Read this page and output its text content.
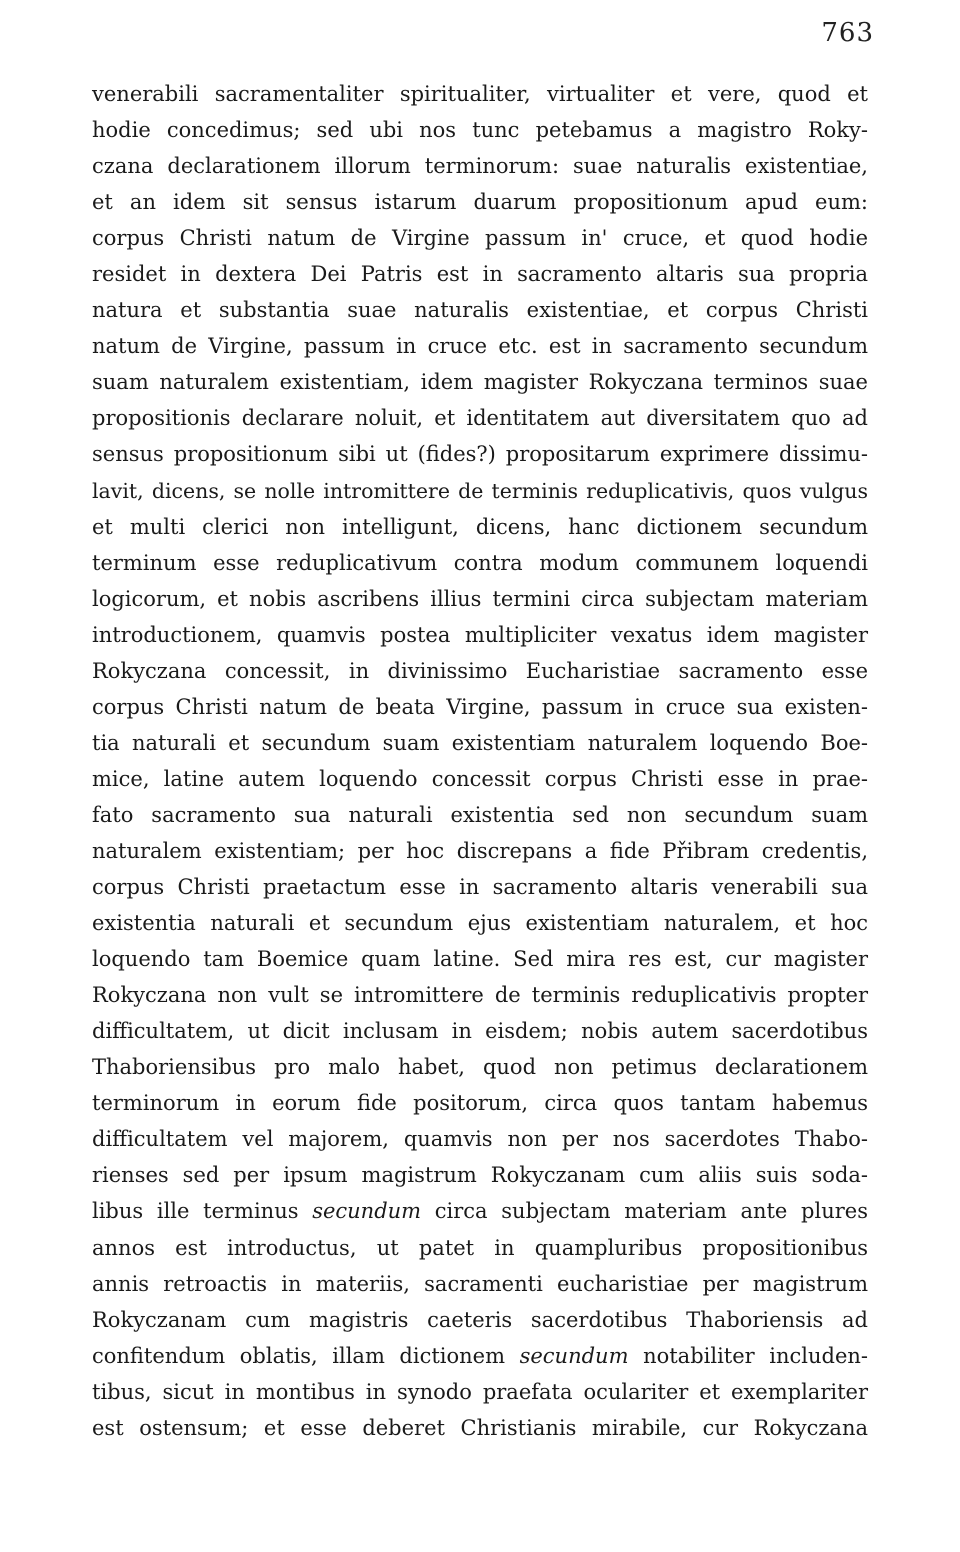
763
venerabili sacramentaliter spiritualiter, virtualiter et vere, quod et
hodie concedimus; sed ubi nos tunc petebamus a magistro Roky-
czana declarationem illorum terminorum: suae naturalis existentiae,
et an idem sit sensus istarum duarum propositionum apud eum:
corpus Christi natum de Virgine passum in' cruce, et quod hodie
residet in dextera Dei Patris est in sacramento altaris sua propria
natura et substantia suae naturalis existentiae, et corpus Christi
natum de Virgine, passum in cruce etc. est in sacramento secundum
suam naturalem existentiam, idem magister Rokyczana terminos suae
propositionis declarare noluit, et identitatem aut diversitatem quo ad
sensus propositionum sibi ut (fides?) propositarum exprimere dissimu-
lavit, dicens, se nolle intromittere de terminis reduplicativis, quos vulgus
et multi clerici non intelligunt, dicens, hanc dictionem secundum
terminum esse reduplicativum contra modum communem loquendi
logicorum, et nobis ascribens illius termini circa subjectam materiam
introductionem, quamvis postea multipliciter vexatus idem magister
Rokyczana concessit, in divinissimo Eucharistiae sacramento esse
corpus Christi natum de beata Virgine, passum in cruce sua existen-
tia naturali et secundum suam existentiam naturalem loquendo Boe-
mice, latine autem loquendo concessit corpus Christi esse in prae-
fato sacramento sua naturali existentia sed non secundum suam
naturalem existentiam; per hoc discrepans a fide Přibram credentis,
corpus Christi praetactum esse in sacramento altaris venerabili sua
existentia naturali et secundum ejus existentiam naturalem, et hoc
loquendo tam Boemice quam latine. Sed mira res est, cur magister
Rokyczana non vult se intromittere de terminis reduplicativis propter
difficultatem, ut dicit inclusam in eisdem; nobis autem sacerdotibus
Thaboriensibus pro malo habet, quod non petimus declarationem
terminorum in eorum fide positorum, circa quos tantam habemus
difficultatem vel majorem, quamvis non per nos sacerdotes Thabo-
rienses sed per ipsum magistrum Rokyczanam cum aliis suis soda-
libus ille terminus secundum circa subjectam materiam ante plures
annos est introductus, ut patet in quampluribus propositionibus
annis retroactis in materiis, sacramenti eucharistiae per magistrum
Rokyczanam cum magistris caeteris sacerdotibus Thaboriensis ad
confitendum oblatis, illam dictionem secundum notabiliter includen-
tibus, sicut in montibus in synodo praefata oculariter et exemplariter
est ostensum; et esse deberet Christianis mirabile, cur Rokyczana
